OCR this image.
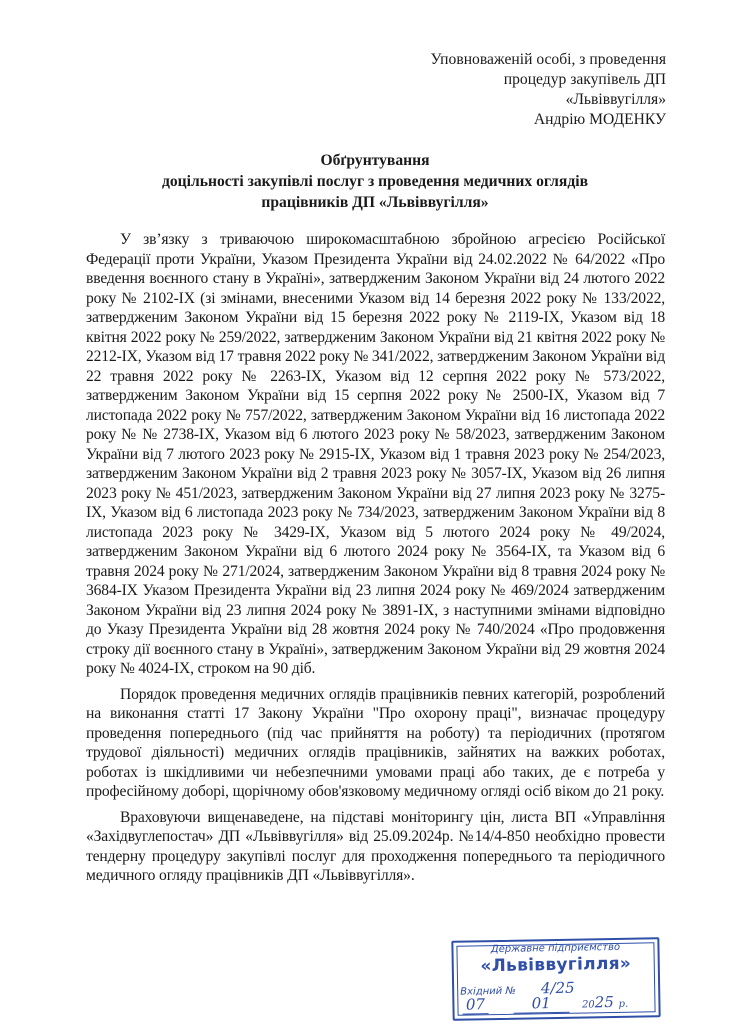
Уповноваженій особі, з проведення
процедур закупівель ДП
«Львіввугілля»
Андрію МОДЕНКУ
Обґрунтування
доцільності закупівлі послуг з проведення медичних оглядів
працівників ДП «Львіввугілля»

У зв’язку з триваючою широкомасштабною збройною агресією Російської Федерації проти України, Указом Президента України від 24.02.2022 № 64/2022 «Про введення воєнного стану в Україні», затвердженим Законом України від 24 лютого 2022 року № 2102-IX (зі змінами, внесеними Указом від 14 березня 2022 року № 133/2022, затвердженим Законом України від 15 березня 2022 року № 2119-IX, Указом від 18 квітня 2022 року № 259/2022, затвердженим Законом України від 21 квітня 2022 року № 2212-IX, Указом від 17 травня 2022 року № 341/2022, затвердженим Законом України від 22 травня 2022 року № 2263-IX, Указом від 12 серпня 2022 року № 573/2022, затвердженим Законом України від 15 серпня 2022 року № 2500-IX, Указом від 7 листопада 2022 року № 757/2022, затвердженим Законом України від 16 листопада 2022 року № № 2738-IX, Указом від 6 лютого 2023 року № 58/2023, затвердженим Законом України від 7 лютого 2023 року № 2915-IX, Указом від 1 травня 2023 року № 254/2023, затвердженим Законом України від 2 травня 2023 року № 3057-IX, Указом від 26 липня 2023 року № 451/2023, затвердженим Законом України від 27 липня 2023 року № 3275-IX, Указом від 6 листопада 2023 року № 734/2023, затвердженим Законом України від 8 листопада 2023 року № 3429-IX, Указом від 5 лютого 2024 року № 49/2024, затвердженим Законом України від 6 лютого 2024 року № 3564-IX, та Указом від 6 травня 2024 року № 271/2024, затвердженим Законом України від 8 травня 2024 року № 3684-IX Указом Президента України від 23 липня 2024 року № 469/2024 затвердженим Законом України від 23 липня 2024 року № 3891-IX, з наступними змінами відповідно до Указу Президента України від 28 жовтня 2024 року № 740/2024 «Про продовження строку дії воєнного стану в Україні», затвердженим Законом України від 29 жовтня 2024 року № 4024-IX, строком на 90 діб.

Порядок проведення медичних оглядів працівників певних категорій, розроблений на виконання статті 17 Закону України "Про охорону праці", визначає процедуру проведення попереднього (під час прийняття на роботу) та періодичних (протягом трудової діяльності) медичних оглядів працівників, зайнятих на важких роботах, роботах із шкідливими чи небезпечними умовами праці або таких, де є потреба у професійному доборі, щорічному обов'язковому медичному огляді осіб віком до 21 року.

Враховуючи вищенаведене, на підставі моніторингу цін, листа ВП «Управління «Західвуглепостач» ДП «Львіввугілля» від 25.09.2024р. №14/4-850 необхідно провести тендерну процедуру закупівлі послуг для проходження попереднього та періодичного медичного огляду працівників ДП «Львіввугілля».

Державне підприємство
«Львіввугілля»
Вхідний № 4/25
07	01	2025 р.
